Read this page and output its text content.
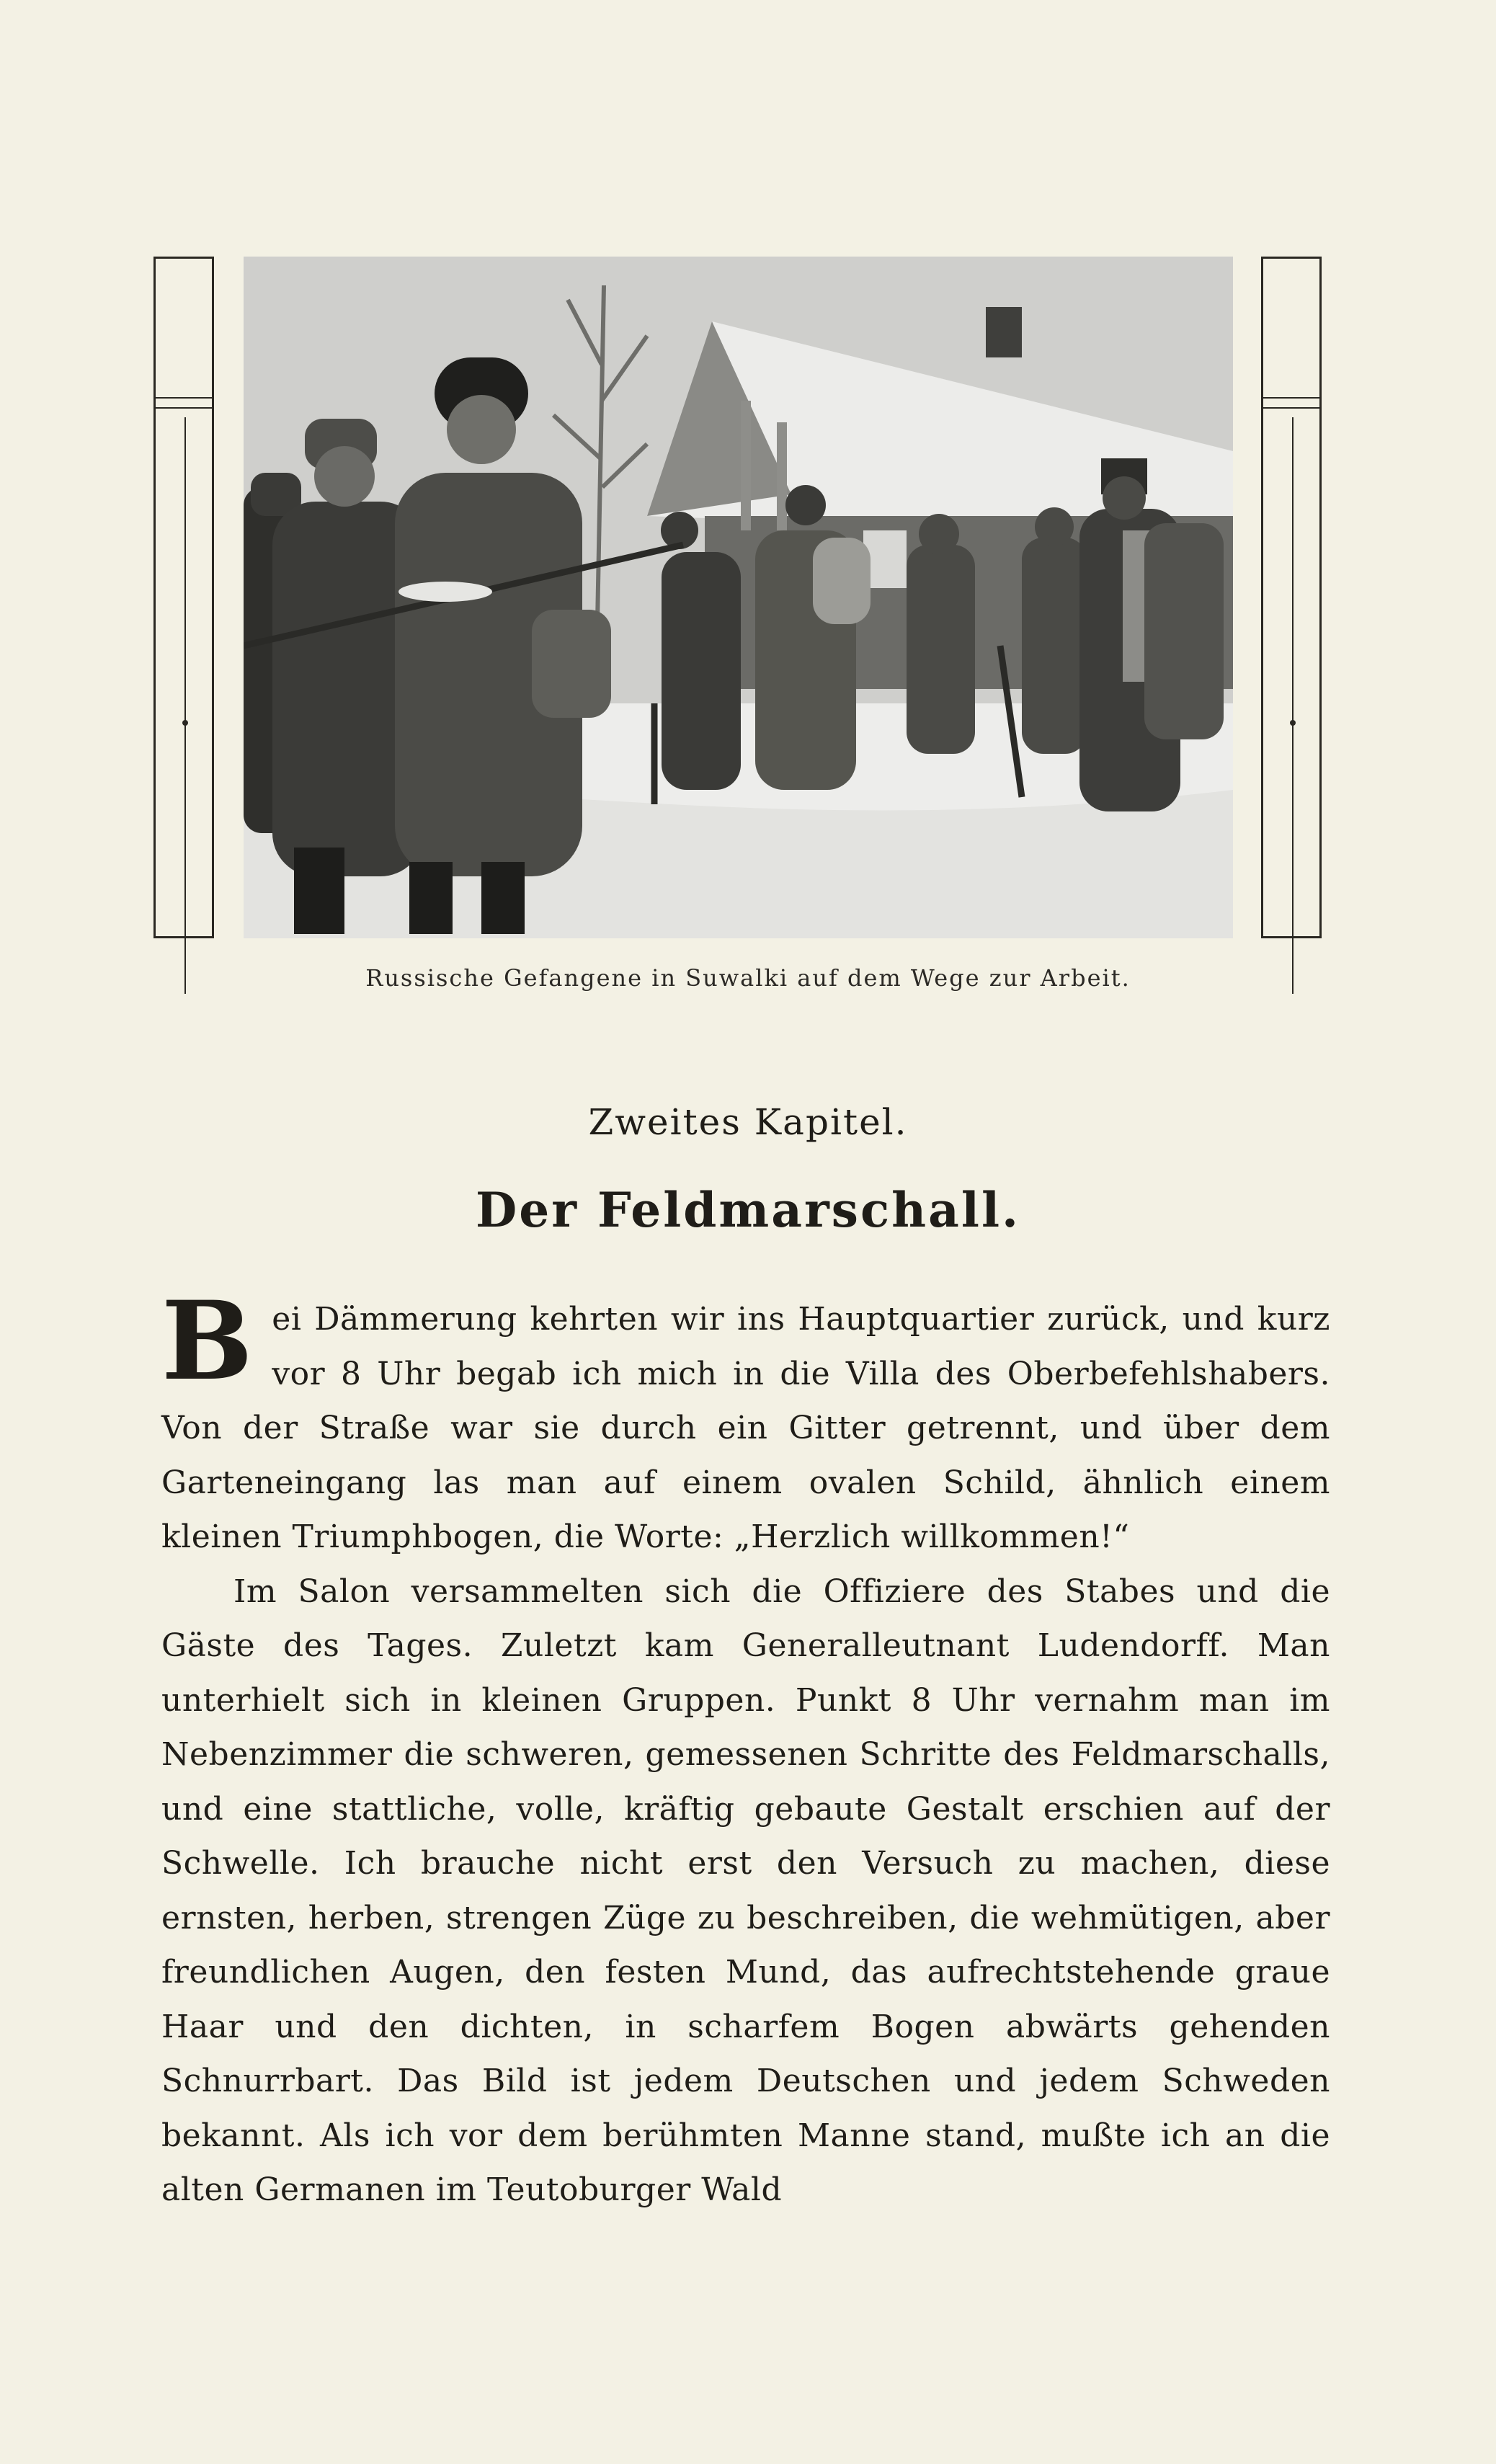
Russische Gefangene in Suwalki auf dem Wege zur Arbeit.
Zweites Kapitel.
Der Feldmarschall.

Bei Dämmerung kehrten wir ins Hauptquartier zurück, und kurz vor 8 Uhr begab ich mich in die Villa des Oberbefehlshabers. Von der Straße war sie durch ein Gitter getrennt, und über dem Garteneingang las man auf einem ovalen Schild, ähnlich einem kleinen Triumphbogen, die Worte: „Herzlich willkommen!“

Im Salon versammelten sich die Offiziere des Stabes und die Gäste des Tages. Zuletzt kam Generalleutnant Ludendorff. Man unterhielt sich in kleinen Gruppen. Punkt 8 Uhr vernahm man im Nebenzimmer die schweren, gemessenen Schritte des Feldmarschalls, und eine stattliche, volle, kräftig gebaute Gestalt erschien auf der Schwelle. Ich brauche nicht erst den Versuch zu machen, diese ernsten, herben, strengen Züge zu beschreiben, die wehmütigen, aber freundlichen Augen, den festen Mund, das aufrechtstehende graue Haar und den dichten, in scharfem Bogen abwärts gehenden Schnurrbart. Das Bild ist jedem Deutschen und jedem Schweden bekannt. Als ich vor dem berühmten Manne stand, mußte ich an die alten Germanen im Teutoburger Wald
